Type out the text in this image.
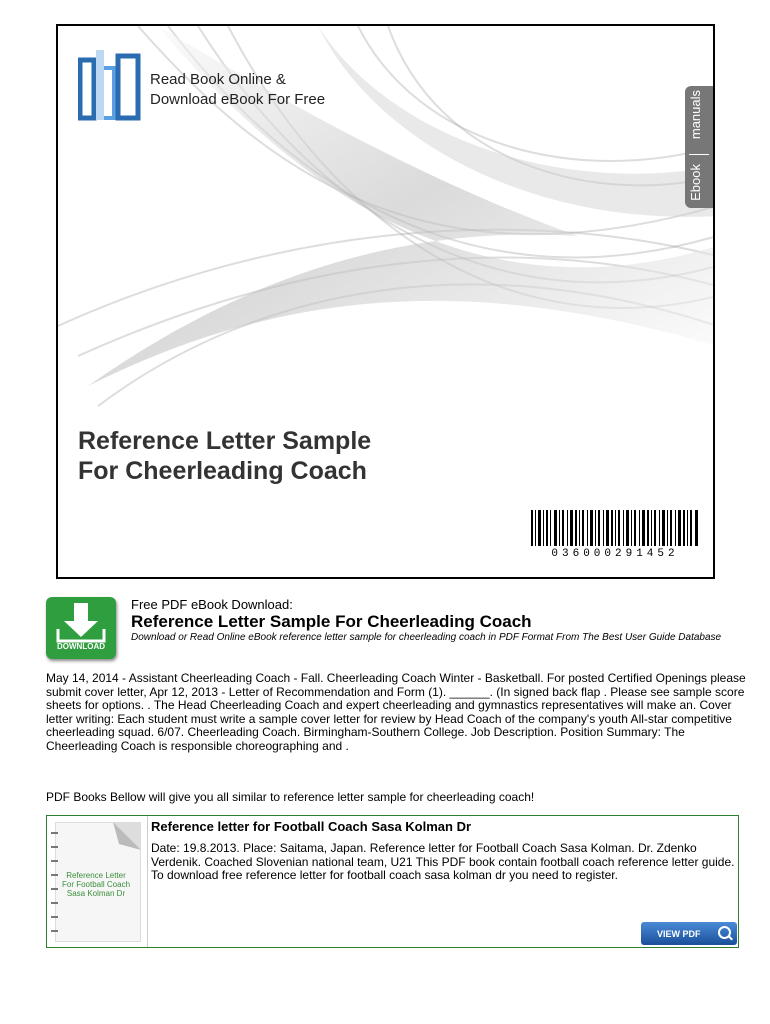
Read Book Online &
Download eBook For Free	manuals
Ebook
Reference Letter Sample
For Cheerleading Coach
036000291452
DOWNLOAD
Free PDF eBook Download:
Reference Letter Sample For Cheerleading Coach
Download or Read Online eBook reference letter sample for cheerleading coach in PDF Format From The Best User Guide Database
May 14, 2014 - Assistant Cheerleading Coach - Fall. Cheerleading Coach Winter - Basketball. For posted Certified Openings please submit cover letter, Apr 12, 2013 - Letter of Recommendation and Form (1). ______. (In signed back flap . Please see sample score sheets for options. . The Head Cheerleading Coach and expert cheerleading and gymnastics representatives will make an. Cover letter writing: Each student must write a sample cover letter for review by Head Coach of the company's youth All-star competitive cheerleading squad. 6/07. Cheerleading Coach. Birmingham-Southern College. Job Description. Position Summary: The Cheerleading Coach is responsible choreographing and .
PDF Books Bellow will give you all similar to reference letter sample for cheerleading coach!
Reference Letter For Football Coach Sasa Kolman Dr
Reference letter for Football Coach Sasa Kolman Dr
Date: 19.8.2013. Place: Saitama, Japan. Reference letter for Football Coach Sasa Kolman. Dr. Zdenko Verdenik. Coached Slovenian national team, U21 This PDF book contain football coach reference letter guide. To download free reference letter for football coach sasa kolman dr you need to register.
VIEW PDF
